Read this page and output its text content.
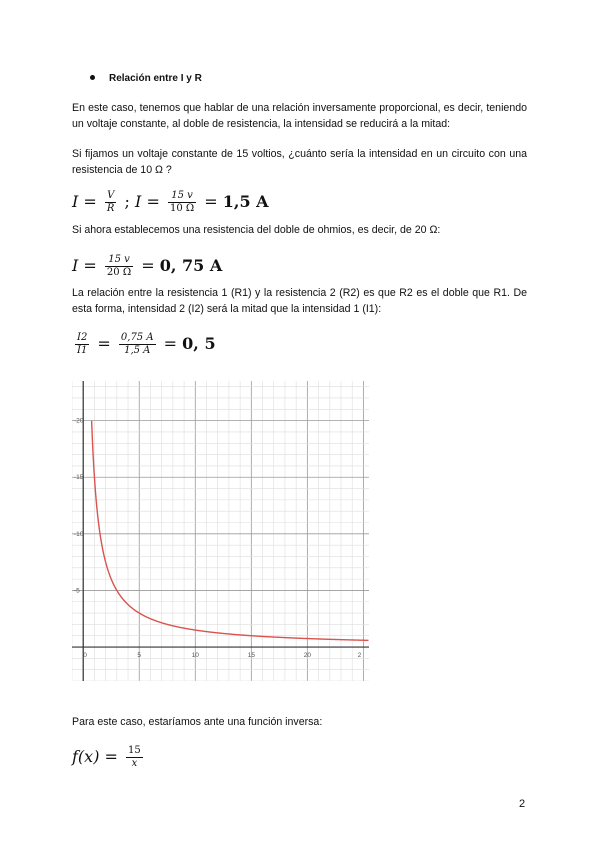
Relación entre I y R
En este caso, tenemos que hablar de una relación inversamente proporcional, es decir, teniendo un voltaje constante, al doble de resistencia, la intensidad se reducirá a la mitad:
Si fijamos un voltaje constante de 15 voltios, ¿cuánto sería la intensidad en un circuito con una resistencia de 10 Ω ?
$I = \frac{V}{R}$ ; $I = \frac{15 v}{10 \Omega} = 1,5$ A
Si ahora establecemos una resistencia del doble de ohmios, es decir, de 20 Ω:
$I = \frac{15 v}{20 \Omega} = 0$, 75 A
La relación entre la resistencia 1 (R1) y la resistencia 2 (R2) es que R2 es el doble que R1. De esta forma, intensidad 2 (I2) será la mitad que la intensidad 1 (I1):
$\frac{I2}{I1} = \frac{0,75 A}{1,5 A} = 0$, 5
0	5	10	15	20	2
-20
-15
-10
-5
Para este caso, estaríamos ante una función inversa:
$f(x) = \frac{15}{x}$
2
